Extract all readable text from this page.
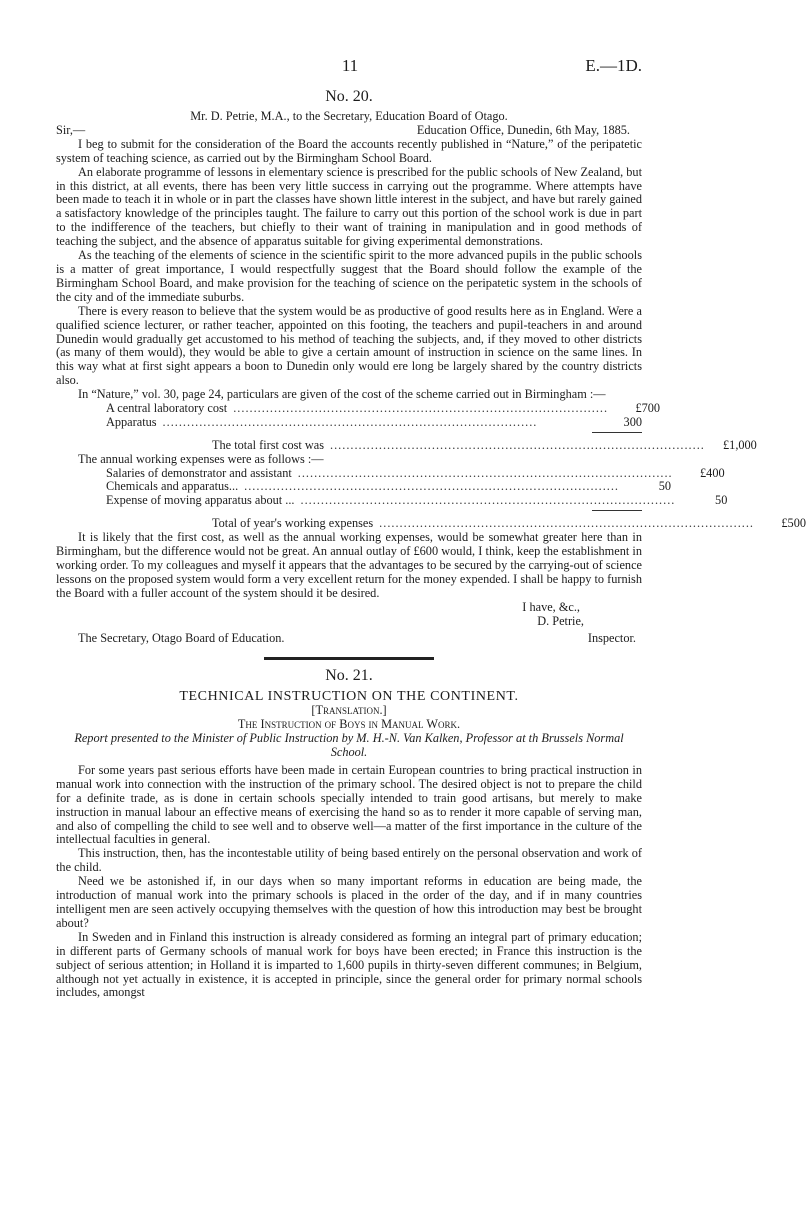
11	E.—1D.

No. 20.

Mr. D. Petrie, M.A., to the Secretary, Education Board of Otago.

Sir,—	Education Office, Dunedin, 6th May, 1885.

I beg to submit for the consideration of the Board the accounts recently published in “Nature,” of the peripatetic system of teaching science, as carried out by the Birmingham School Board.

An elaborate programme of lessons in elementary science is prescribed for the public schools of New Zealand, but in this district, at all events, there has been very little success in carrying out the programme. Where attempts have been made to teach it in whole or in part the classes have shown little interest in the subject, and have but rarely gained a satisfactory knowledge of the principles taught. The failure to carry out this portion of the school work is due in part to the indifference of the teachers, but chiefly to their want of training in manipulation and in good methods of teaching the subject, and the absence of apparatus suitable for giving experimental demonstrations.

As the teaching of the elements of science in the scientific spirit to the more advanced pupils in the public schools is a matter of great importance, I would respectfully suggest that the Board should follow the example of the Birmingham School Board, and make provision for the teaching of science on the peripatetic system in the schools of the city and of the immediate suburbs.

There is every reason to believe that the system would be as productive of good results here as in England. Were a qualified science lecturer, or rather teacher, appointed on this footing, the teachers and pupil-teachers in and around Dunedin would gradually get accustomed to his method of teaching the subjects, and, if they moved to other districts (as many of them would), they would be able to give a certain amount of instruction in science on the same lines. In this way what at first sight appears a boon to Dunedin only would ere long be largely shared by the country districts also.

In “Nature,” vol. 30, page 24, particulars are given of the cost of the scheme carried out in Birmingham :—

A central laboratory cost ............................................................................................	£700
Apparatus ............................................................................................	300
The total first cost was ............................................................................................	£1,000
The annual working expenses were as follows :—
Salaries of demonstrator and assistant ............................................................................................	£400
Chemicals and apparatus... ............................................................................................	50
Expense of moving apparatus about ... ............................................................................................	50
Total of year's working expenses ............................................................................................	£500

It is likely that the first cost, as well as the annual working expenses, would be somewhat greater here than in Birmingham, but the difference would not be great. An annual outlay of £600 would, I think, keep the establishment in working order. To my colleagues and myself it appears that the advantages to be secured by the carrying-out of science lessons on the proposed system would form a very excellent return for the money expended. I shall be happy to furnish the Board with a fuller account of the system should it be desired.

I have, &c.,

D. Petrie,

The Secretary, Otago Board of Education.	Inspector.

No. 21.

TECHNICAL INSTRUCTION ON THE CONTINENT.

[Translation.]

The Instruction of Boys in Manual Work.

Report presented to the Minister of Public Instruction by M. H.-N. Van Kalken, Professor at th Brussels Normal School.

For some years past serious efforts have been made in certain European countries to bring practical instruction in manual work into connection with the instruction of the primary school. The desired object is not to prepare the child for a definite trade, as is done in certain schools specially intended to train good artisans, but merely to make instruction in manual labour an effective means of exercising the hand so as to render it more capable of serving man, and also of compelling the child to see well and to observe well—a matter of the first importance in the culture of the intellectual faculties in general.

This instruction, then, has the incontestable utility of being based entirely on the personal observation and work of the child.

Need we be astonished if, in our days when so many important reforms in education are being made, the introduction of manual work into the primary schools is placed in the order of the day, and if in many countries intelligent men are seen actively occupying themselves with the question of how this introduction may best be brought about?

In Sweden and in Finland this instruction is already considered as forming an integral part of primary education; in different parts of Germany schools of manual work for boys have been erected; in France this instruction is the subject of serious attention; in Holland it is imparted to 1,600 pupils in thirty-seven different communes; in Belgium, although not yet actually in existence, it is accepted in principle, since the general order for primary normal schools includes, amongst
